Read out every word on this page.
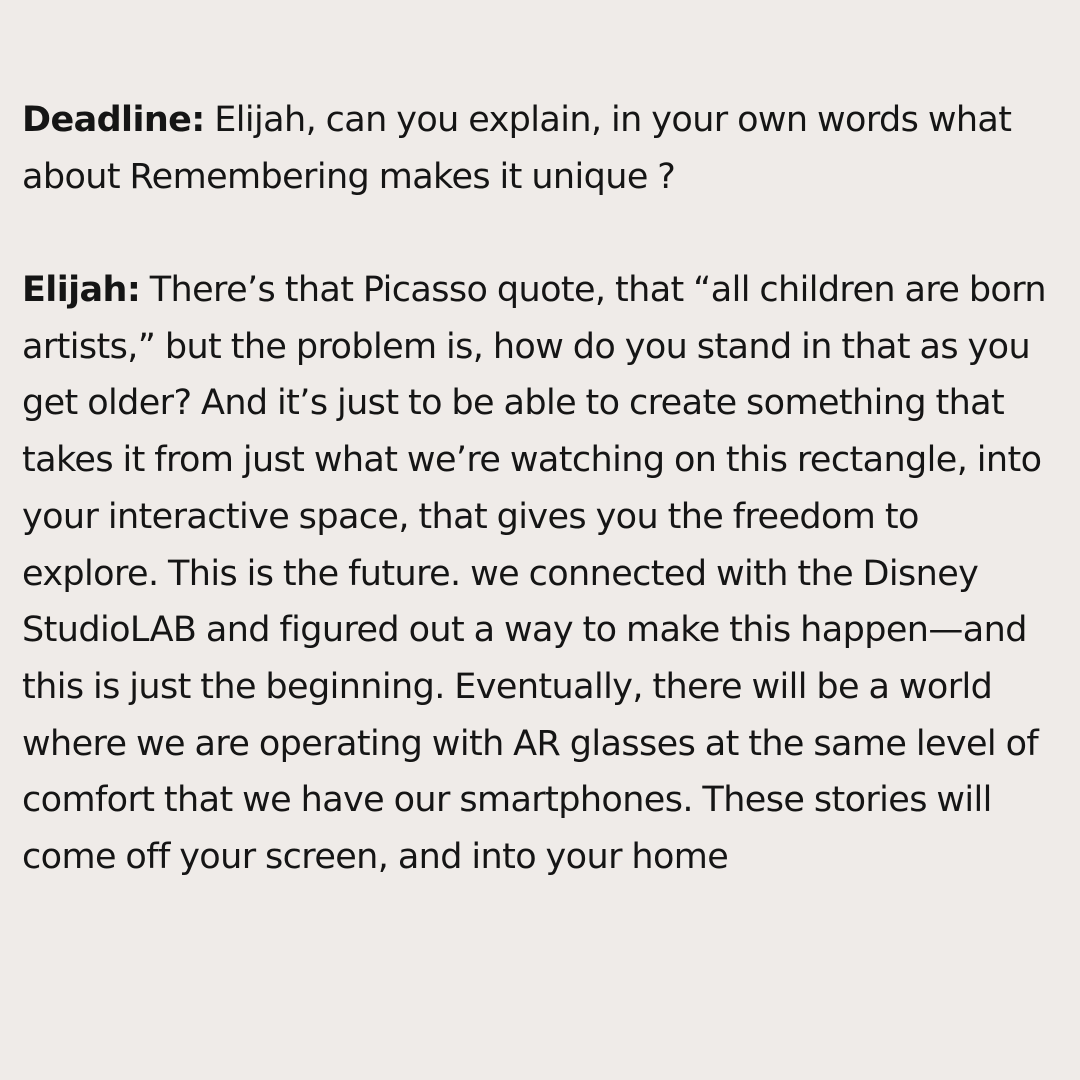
Deadline: Elijah, can you explain, in your own words what about Remembering makes it unique ?

Elijah: There’s that Picasso quote, that “all children are born artists,” but the problem is, how do you stand in that as you get older? And it’s just to be able to create something that takes it from just what we’re watching on this rectangle, into your interactive space, that gives you the freedom to explore. This is the future. we connected with the Disney StudioLAB and figured out a way to make this happen—and this is just the beginning. Eventually, there will be a world where we are operating with AR glasses at the same level of comfort that we have our smartphones. These stories will come off your screen, and into your home
